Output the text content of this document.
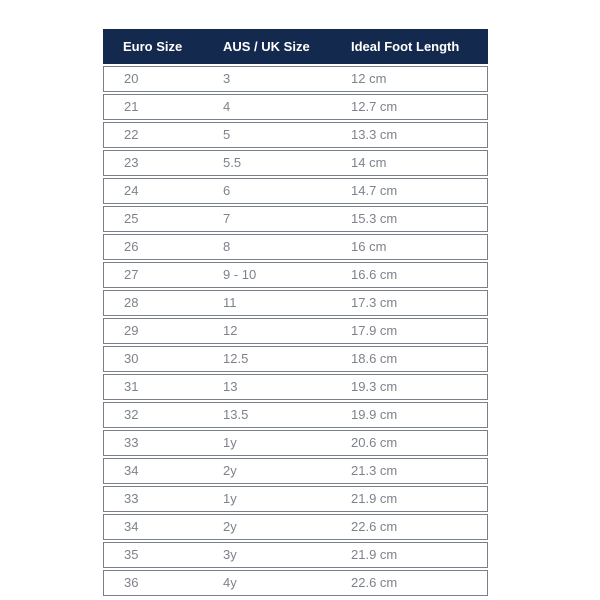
Euro Size	AUS / UK Size	Ideal Foot Length
20	3	12 cm
21	4	12.7 cm
22	5	13.3 cm
23	5.5	14 cm
24	6	14.7 cm
25	7	15.3 cm
26	8	16 cm
27	9 - 10	16.6 cm
28	11	17.3 cm
29	12	17.9 cm
30	12.5	18.6 cm
31	13	19.3 cm
32	13.5	19.9 cm
33	1y	20.6 cm
34	2y	21.3 cm
33	1y	21.9 cm
34	2y	22.6 cm
35	3y	21.9 cm
36	4y	22.6 cm
